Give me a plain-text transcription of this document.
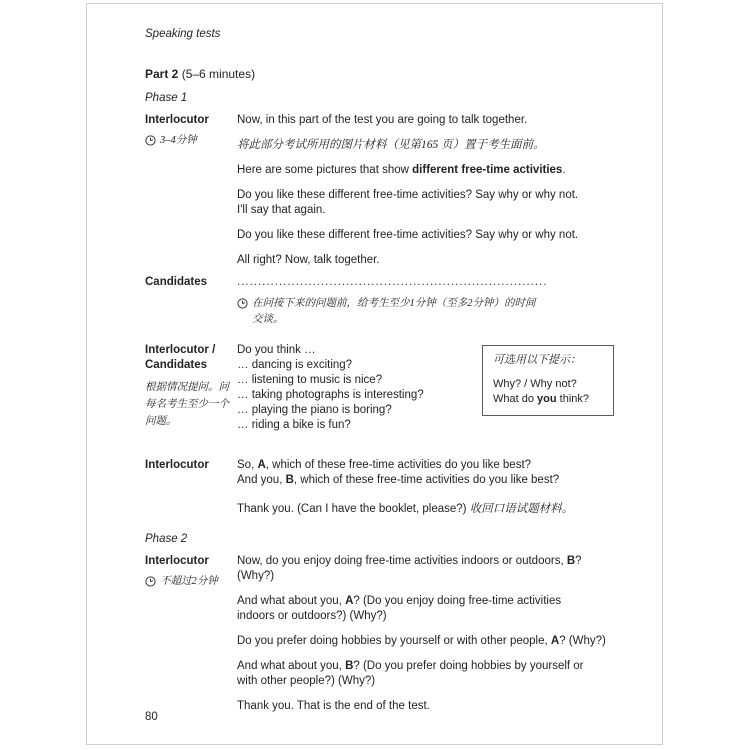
Speaking tests
Part 2 (5–6 minutes)
Phase 1
Interlocutor
3–4分钟

Now, in this part of the test you are going to talk together.

将此部分考试所用的图片材料（见第165 页）置于考生面前。

Here are some pictures that show different free-time activities.

Do you like these different free-time activities? Say why or why not.
I'll say that again.

Do you like these different free-time activities? Say why or why not.

All right? Now, talk together.

Candidates	..........................................................................
在问接下来的问题前，给考生至少1分钟（至多2分钟）的时间
交谈。
Interlocutor / Candidates
根据情况提问。问每名考生至少一个问题。

Do you think …
… dancing is exciting?
… listening to music is nice?
… taking photographs is interesting?
… playing the piano is boring?
… riding a bike is fun?

可选用以下提示：
Why? / Why not?
What do you think?
Interlocutor	So, A, which of these free-time activities do you like best?
And you, B, which of these free-time activities do you like best?

Thank you. (Can I have the booklet, please?) 收回口语试题材料。

Phase 2
Interlocutor
不超过2分钟

Now, do you enjoy doing free-time activities indoors or outdoors, B?
(Why?)

And what about you, A? (Do you enjoy doing free-time activities
indoors or outdoors?) (Why?)

Do you prefer doing hobbies by yourself or with other people, A? (Why?)

And what about you, B? (Do you prefer doing hobbies by yourself or
with other people?) (Why?)

Thank you. That is the end of the test.

80
